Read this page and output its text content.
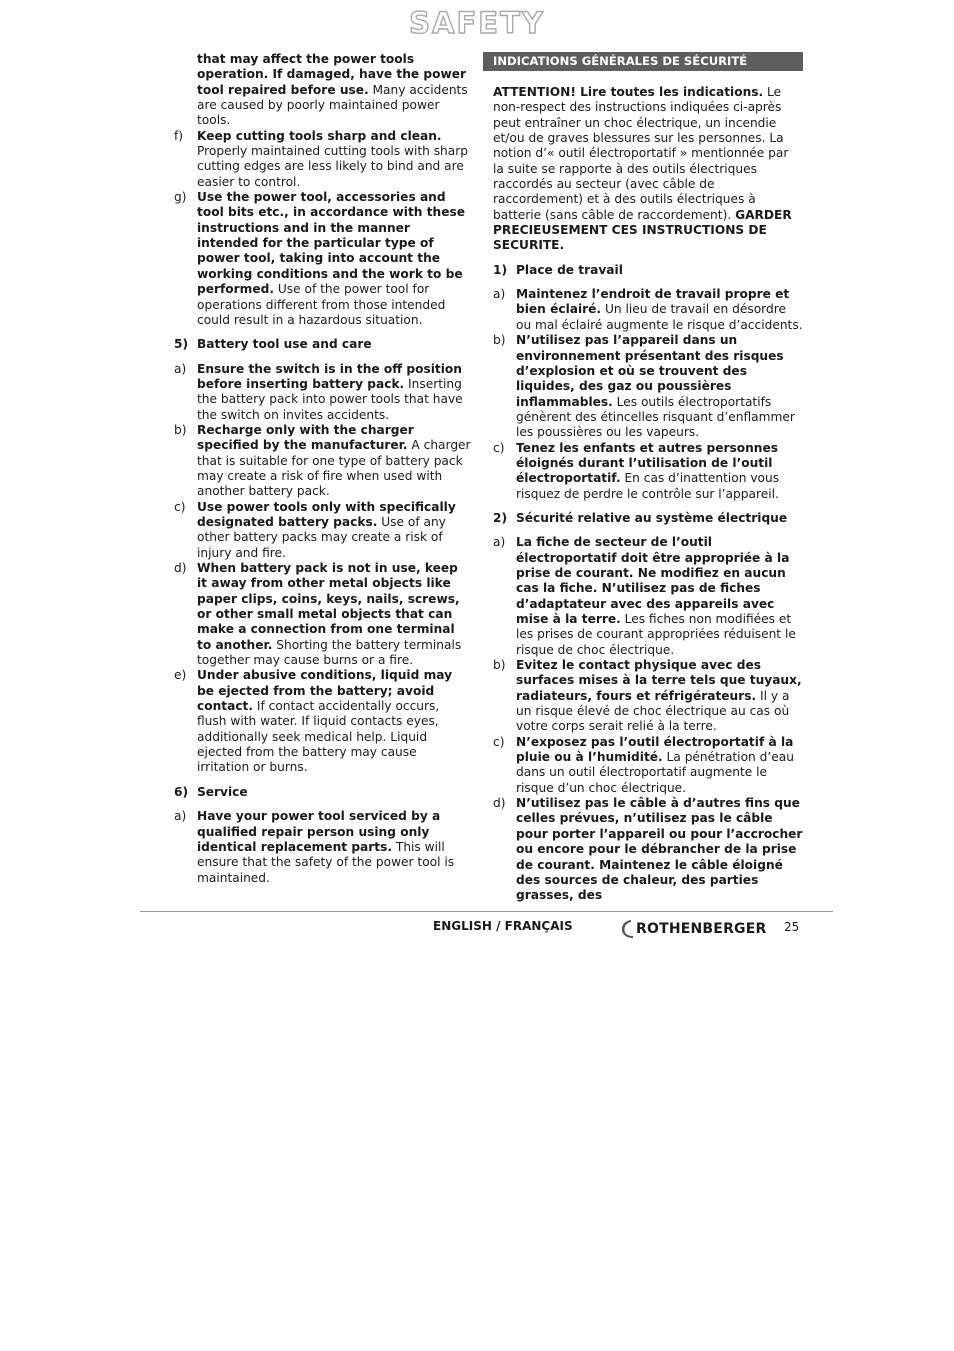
SAFETY

that may affect the power tools operation. If damaged, have the power tool repaired before use. Many accidents are caused by poorly maintained power tools.

f) Keep cutting tools sharp and clean. Properly maintained cutting tools with sharp cutting edges are less likely to bind and are easier to control.

g) Use the power tool, accessories and tool bits etc., in accordance with these instructions and in the manner intended for the particular type of power tool, taking into account the working conditions and the work to be performed. Use of the power tool for operations different from those intended could result in a hazardous situation.

5) Battery tool use and care
a) Ensure the switch is in the off position before inserting battery pack. Inserting the battery pack into power tools that have the switch on invites accidents.

b) Recharge only with the charger specified by the manufacturer. A charger that is suitable for one type of battery pack may create a risk of fire when used with another battery pack.

c) Use power tools only with specifically designated battery packs. Use of any other battery packs may create a risk of injury and fire.

d) When battery pack is not in use, keep it away from other metal objects like paper clips, coins, keys, nails, screws, or other small metal objects that can make a connection from one terminal to another. Shorting the battery terminals together may cause burns or a fire.

e) Under abusive conditions, liquid may be ejected from the battery; avoid contact. If contact accidentally occurs, flush with water. If liquid contacts eyes, additionally seek medical help. Liquid ejected from the battery may cause irritation or burns.

6) Service
a) Have your power tool serviced by a qualified repair person using only identical replacement parts. This will ensure that the safety of the power tool is maintained.

INDICATIONS GÉNÉRALES DE SÉCURITÉ

ATTENTION! Lire toutes les indications. Le non-respect des instructions indiquées ci-après peut entraîner un choc électrique, un incendie et/ou de graves blessures sur les personnes. La notion d’« outil électroportatif » mentionnée par la suite se rapporte à des outils électriques raccordés au secteur (avec câble de raccordement) et à des outils électriques à batterie (sans câble de raccordement). GARDER PRECIEUSEMENT CES INSTRUCTIONS DE SECURITE.

1) Place de travail
a) Maintenez l’endroit de travail propre et bien éclairé. Un lieu de travail en désordre ou mal éclairé augmente le risque d’accidents.

b) N’utilisez pas l’appareil dans un environnement présentant des risques d’explosion et où se trouvent des liquides, des gaz ou poussières inflammables. Les outils électroportatifs génèrent des étincelles risquant d’enflammer les poussières ou les vapeurs.

c) Tenez les enfants et autres personnes éloignés durant l’utilisation de l’outil électroportatif. En cas d’inattention vous risquez de perdre le contrôle sur l’appareil.

2) Sécurité relative au système électrique
a) La fiche de secteur de l’outil électroportatif doit être appropriée à la prise de courant. Ne modifiez en aucun cas la fiche. N’utilisez pas de fiches d’adaptateur avec des appareils avec mise à la terre. Les fiches non modifiées et les prises de courant appropriées réduisent le risque de choc électrique.

b) Evitez le contact physique avec des surfaces mises à la terre tels que tuyaux, radiateurs, fours et réfrigérateurs. Il y a un risque élevé de choc électrique au cas où votre corps serait relié à la terre.

c) N’exposez pas l’outil électroportatif à la pluie ou à l’humidité. La pénétration d’eau dans un outil électroportatif augmente le risque d’un choc électrique.

d) N’utilisez pas le câble à d’autres fins que celles prévues, n’utilisez pas le câble pour porter l’appareil ou pour l’accrocher ou encore pour le débrancher de la prise de courant. Maintenez le câble éloigné des sources de chaleur, des parties grasses, des

ENGLISH / FRANÇAIS	ROTHENBERGER 25
